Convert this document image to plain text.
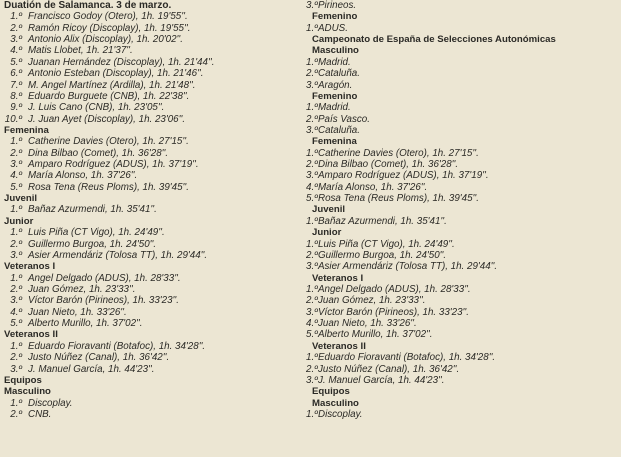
Duatión de Salamanca. 3 de marzo.
1.º Francisco Godoy (Otero), 1h. 19'55''.
2.º Ramón Ricoy (Discoplay), 1h. 19'55''.
3.º Antonio Alix (Discoplay), 1h. 20'02''.
4.º Matis Llobet, 1h. 21'37''.
5.º Juanan Hernández (Discoplay), 1h. 21'44''.
6.º Antonio Esteban (Discoplay), 1h. 21'46''.
7.º M. Angel Martínez (Ardilla), 1h. 21'48''.
8.º Eduardo Burguete (CNB), 1h. 22'38''.
9.º J. Luis Cano (CNB), 1h. 23'05''.
10.º J. Juan Ayet (Discoplay), 1h. 23'06''.
Femenina
1.º Catherine Davies (Otero), 1h. 27'15''.
2.º Dina Bilbao (Comet), 1h. 36'28''.
3.º Amparo Rodríguez (ADUS), 1h. 37'19''.
4.º María Alonso, 1h. 37'26''.
5.º Rosa Tena (Reus Ploms), 1h. 39'45''.
Juvenil
1.º Bañaz Azurmendi, 1h. 35'41''.
Junior
1.º Luis Piña (CT Vigo), 1h. 24'49''.
2.º Guillermo Burgoa, 1h. 24'50''.
3.º Asier Armendáriz (Tolosa TT), 1h. 29'44''.
Veteranos I
1.º Angel Delgado (ADUS), 1h. 28'33''.
2.º Juan Gómez, 1h. 23'33''.
3.º Víctor Barón (Pirineos), 1h. 33'23''.
4.º Juan Nieto, 1h. 33'26''.
5.º Alberto Murillo, 1h. 37'02''.
Veteranos II
1.º Eduardo Fioravanti (Botafoc), 1h. 34'28''.
2.º Justo Núñez (Canal), 1h. 36'42''.
3.º J. Manuel García, 1h. 44'23''.
Equipos
Masculino
1.º Discoplay.
2.º CNB.
3.ºPirineos.
Femenino
1.ºADUS.
Campeonato de España de Selecciones Autonómicas
Masculino
1.ºMadrid.
2.ºCataluña.
3.ºAragón.
Femenino
1.ºMadrid.
2.ºPaís Vasco.
3.ºCataluña.
Femenina
1.ºCatherine Davies (Otero), 1h. 27'15''.
2.ºDina Bilbao (Comet), 1h. 36'28''.
3.ºAmparo Rodríguez (ADUS), 1h. 37'19''.
4.ºMaría Alonso, 1h. 37'26''.
5.ºRosa Tena (Reus Ploms), 1h. 39'45''.
Juvenil
1.ºBañaz Azurmendi, 1h. 35'41''.
Junior
1.ºLuis Piña (CT Vigo), 1h. 24'49''.
2.ºGuillermo Burgoa, 1h. 24'50''.
3.ºAsier Armendáriz (Tolosa TT), 1h. 29'44''.
Veteranos I
1.ºAngel Delgado (ADUS), 1h. 28'33''.
2.ºJuan Gómez, 1h. 23'33''.
3.ºVíctor Barón (Pirineos), 1h. 33'23''.
4.ºJuan Nieto, 1h. 33'26''.
5.ºAlberto Murillo, 1h. 37'02''.
Veteranos II
1.ºEduardo Fioravanti (Botafoc), 1h. 34'28''.
2.ºJusto Núñez (Canal), 1h. 36'42''.
3.ºJ. Manuel García, 1h. 44'23''.
Equipos
Masculino
1.ºDiscoplay.
